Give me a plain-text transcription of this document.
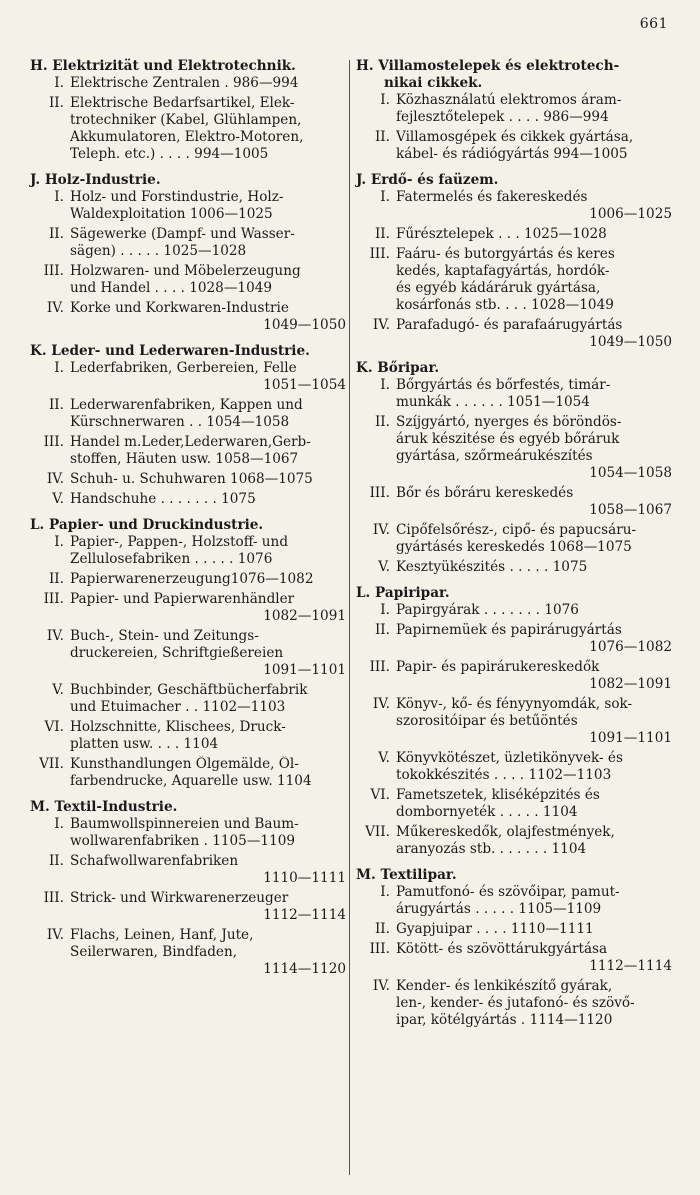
661
H. Elektrizität und Elektrotechnik.
I. Elektrische Zentralen . 986—994
II. Elektrische Bedarfsartikel, Elek-
trotechniker (Kabel, Glühlampen,
Akkumulatoren, Elektro-Motoren,
Teleph. etc.) . . . . 994—1005
J. Holz-Industrie.
I. Holz- und Forstindustrie, Holz-
Waldexploitation 1006—1025
II. Sägewerke (Dampf- und Wasser-
sägen) . . . . . 1025—1028
III. Holzwaren- und Möbelerzeugung
und Handel . . . . 1028—1049
IV. Korke und Korkwaren-Industrie
1049—1050
K. Leder- und Lederwaren-Industrie.
I. Lederfabriken, Gerbereien, Felle
1051—1054
II. Lederwarenfabriken, Kappen und
Kürschnerwaren . . 1054—1058
III. Handel m.Leder,Lederwaren,Gerb-
stoffen, Häuten usw. 1058—1067
IV. Schuh- u. Schuhwaren 1068—1075
V. Handschuhe . . . . . . . 1075
L. Papier- und Druckindustrie.
I. Papier-, Pappen-, Holzstoff- und
Zellulosefabriken . . . . . 1076
II. Papierwarenerzeugung1076—1082
III. Papier- und Papierwarenhändler
1082—1091
IV. Buch-, Stein- und Zeitungs-
druckereien, Schriftgießereien
1091—1101
V. Buchbinder, Geschäftbücherfabrik
und Etuimacher . . 1102—1103
VI. Holzschnitte, Klischees, Druck-
platten usw. . . . 1104
VII. Kunsthandlungen Ölgemälde, Öl-
farbendrucke, Aquarelle usw. 1104
M. Textil-Industrie.
I. Baumwollspinnereien und Baum-
wollwarenfabriken . 1105—1109
II. Schafwollwarenfabriken
1110—1111
III. Strick- und Wirkwarenerzeuger
1112—1114
IV. Flachs, Leinen, Hanf, Jute,
Seilerwaren, Bindfaden,
1114—1120
H. Villamostelepek és elektrotech-
nikai cikkek.
I. Közhasználatú elektromos áram-
fejlesztőtelepek . . . . 986—994
II. Villamosgépek és cikkek gyártása,
kábel- és rádiógyártás 994—1005
J. Erdő- és faüzem.
I. Fatermelés és fakereskedés
1006—1025
II. Fűrésztelepek . . . 1025—1028
III. Faáru- és butorgyártás és keres
kedés, kaptafagyártás, hordók-
és egyéb kádáráruk gyártása,
kosárfonás stb. . . . 1028—1049
IV. Parafadugó- és parafaárugyártás
1049—1050
K. Bőripar.
I. Bőrgyártás és bőrfestés, timár-
munkák . . . . . . 1051—1054
II. Szíjgyártó, nyerges és böröndös-
áruk készitése és egyéb bőráruk
gyártása, szőrmeárukészítés
1054—1058
III. Bőr és bőráru kereskedés
1058—1067
IV. Cipőfelsőrész-, cipő- és papucsáru-
gyártásés kereskedés 1068—1075
V. Kesztyükészités . . . . . 1075
L. Papiripar.
I. Papirgyárak . . . . . . . 1076
II. Papirnemüek és papirárugyártás
1076—1082
III. Papir- és papirárukereskedők
1082—1091
IV. Könyv-, kő- és fényynyomdák, sok-
szorositóipar és betűöntés
1091—1101
V. Könyvkötészet, üzletikönyvek- és
tokokkészités . . . . 1102—1103
VI. Fametszetek, kliséképzités és
dombornyeték . . . . . 1104
VII. Műkereskedők, olajfestmények,
aranyozás stb. . . . . . . 1104
M. Textilipar.
I. Pamutfonó- és szövőipar, pamut-
árugyártás . . . . . 1105—1109
II. Gyapjuipar . . . . 1110—1111
III. Kötött- és szövöttárukgyártása
1112—1114
IV. Kender- és lenkikészítő gyárak,
len-, kender- és jutafonó- és szövő-
ipar, kötélgyártás . 1114—1120
